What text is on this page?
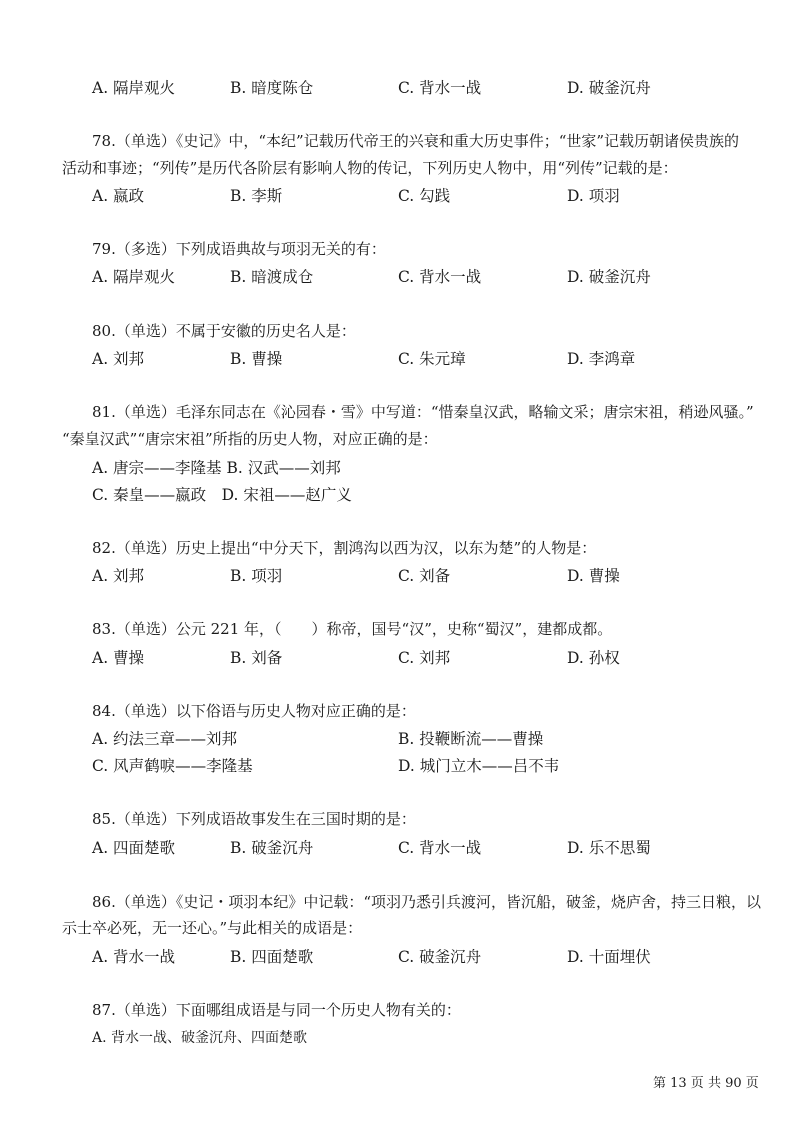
A. 隔岸观火	B. 暗度陈仓	C. 背水一战	D. 破釜沉舟
78.（单选）《史记》中，“本纪”记载历代帝王的兴衰和重大历史事件；“世家”记载历朝诸侯贵族的
活动和事迹；“列传”是历代各阶层有影响人物的传记，下列历史人物中，用“列传”记载的是：
A. 嬴政	B. 李斯	C. 勾践	D. 项羽
79.（多选）下列成语典故与项羽无关的有：
A. 隔岸观火	B. 暗渡成仓	C. 背水一战	D. 破釜沉舟
80.（单选）不属于安徽的历史名人是：
A. 刘邦	B. 曹操	C. 朱元璋	D. 李鸿章
81.（单选）毛泽东同志在《沁园春・雪》中写道：“惜秦皇汉武，略输文采；唐宗宋祖，稍逊风骚。”
“秦皇汉武”“唐宗宋祖”所指的历史人物，对应正确的是：
A. 唐宗——李隆基 B. 汉武——刘邦
C. 秦皇——嬴政　D. 宋祖——赵广义
82.（单选）历史上提出“中分天下，割鸿沟以西为汉，以东为楚”的人物是：
A. 刘邦	B. 项羽	C. 刘备	D. 曹操
83.（单选）公元 221 年，（　　）称帝，国号“汉”，史称“蜀汉”，建都成都。
A. 曹操	B. 刘备	C. 刘邦	D. 孙权
84.（单选）以下俗语与历史人物对应正确的是：
A. 约法三章——刘邦	B. 投鞭断流——曹操
C. 风声鹤唳——李隆基	D. 城门立木——吕不韦
85.（单选）下列成语故事发生在三国时期的是：
A. 四面楚歌	B. 破釜沉舟	C. 背水一战	D. 乐不思蜀
86.（单选）《史记・项羽本纪》中记载：“项羽乃悉引兵渡河，皆沉船，破釜，烧庐舍，持三日粮，以
示士卒必死，无一还心。”与此相关的成语是：
A. 背水一战	B. 四面楚歌	C. 破釜沉舟	D. 十面埋伏
87.（单选）下面哪组成语是与同一个历史人物有关的：
A. 背水一战、破釜沉舟、四面楚歌
第 13 页 共 90 页
